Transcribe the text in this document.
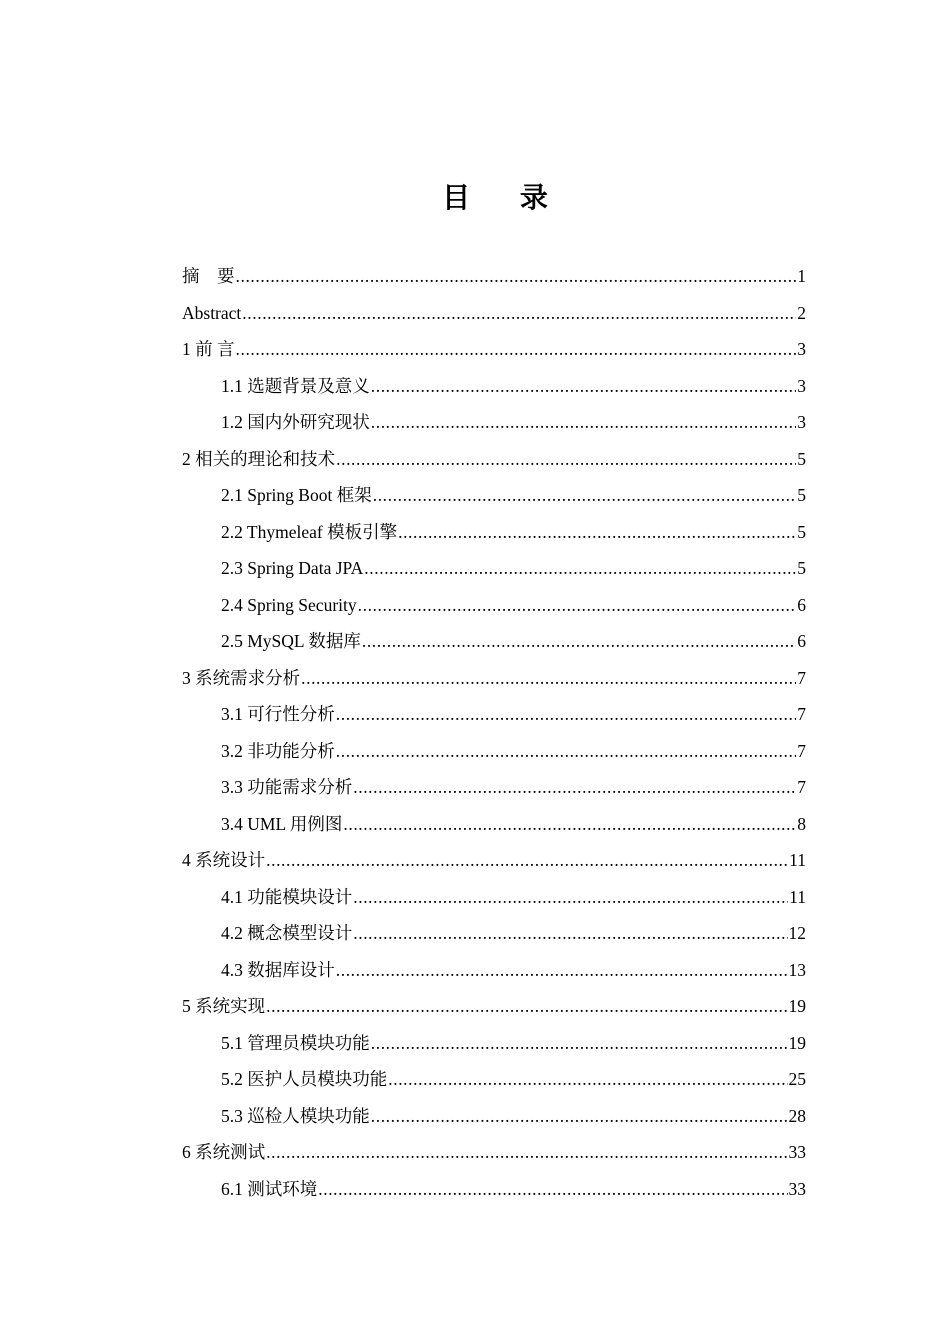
目 录
摘　要 .....	1
Abstract .....	2
1 前 言 .....	3
1.1 选题背景及意义 .....	3
1.2 国内外研究现状 .....	3
2 相关的理论和技术 .....	5
2.1 Spring Boot 框架 .....	5
2.2 Thymeleaf 模板引擎 .....	5
2.3 Spring Data JPA .....	5
2.4 Spring Security .....	6
2.5 MySQL 数据库 .....	6
3 系统需求分析 .....	7
3.1 可行性分析 .....	7
3.2 非功能分析 .....	7
3.3 功能需求分析 .....	7
3.4 UML 用例图 .....	8
4 系统设计 .....	11
4.1 功能模块设计 .....	11
4.2 概念模型设计 .....	12
4.3 数据库设计 .....	13
5 系统实现 .....	19
5.1 管理员模块功能 .....	19
5.2 医护人员模块功能 .....	25
5.3 巡检人模块功能 .....	28
6 系统测试 .....	33
6.1 测试环境 .....	33
